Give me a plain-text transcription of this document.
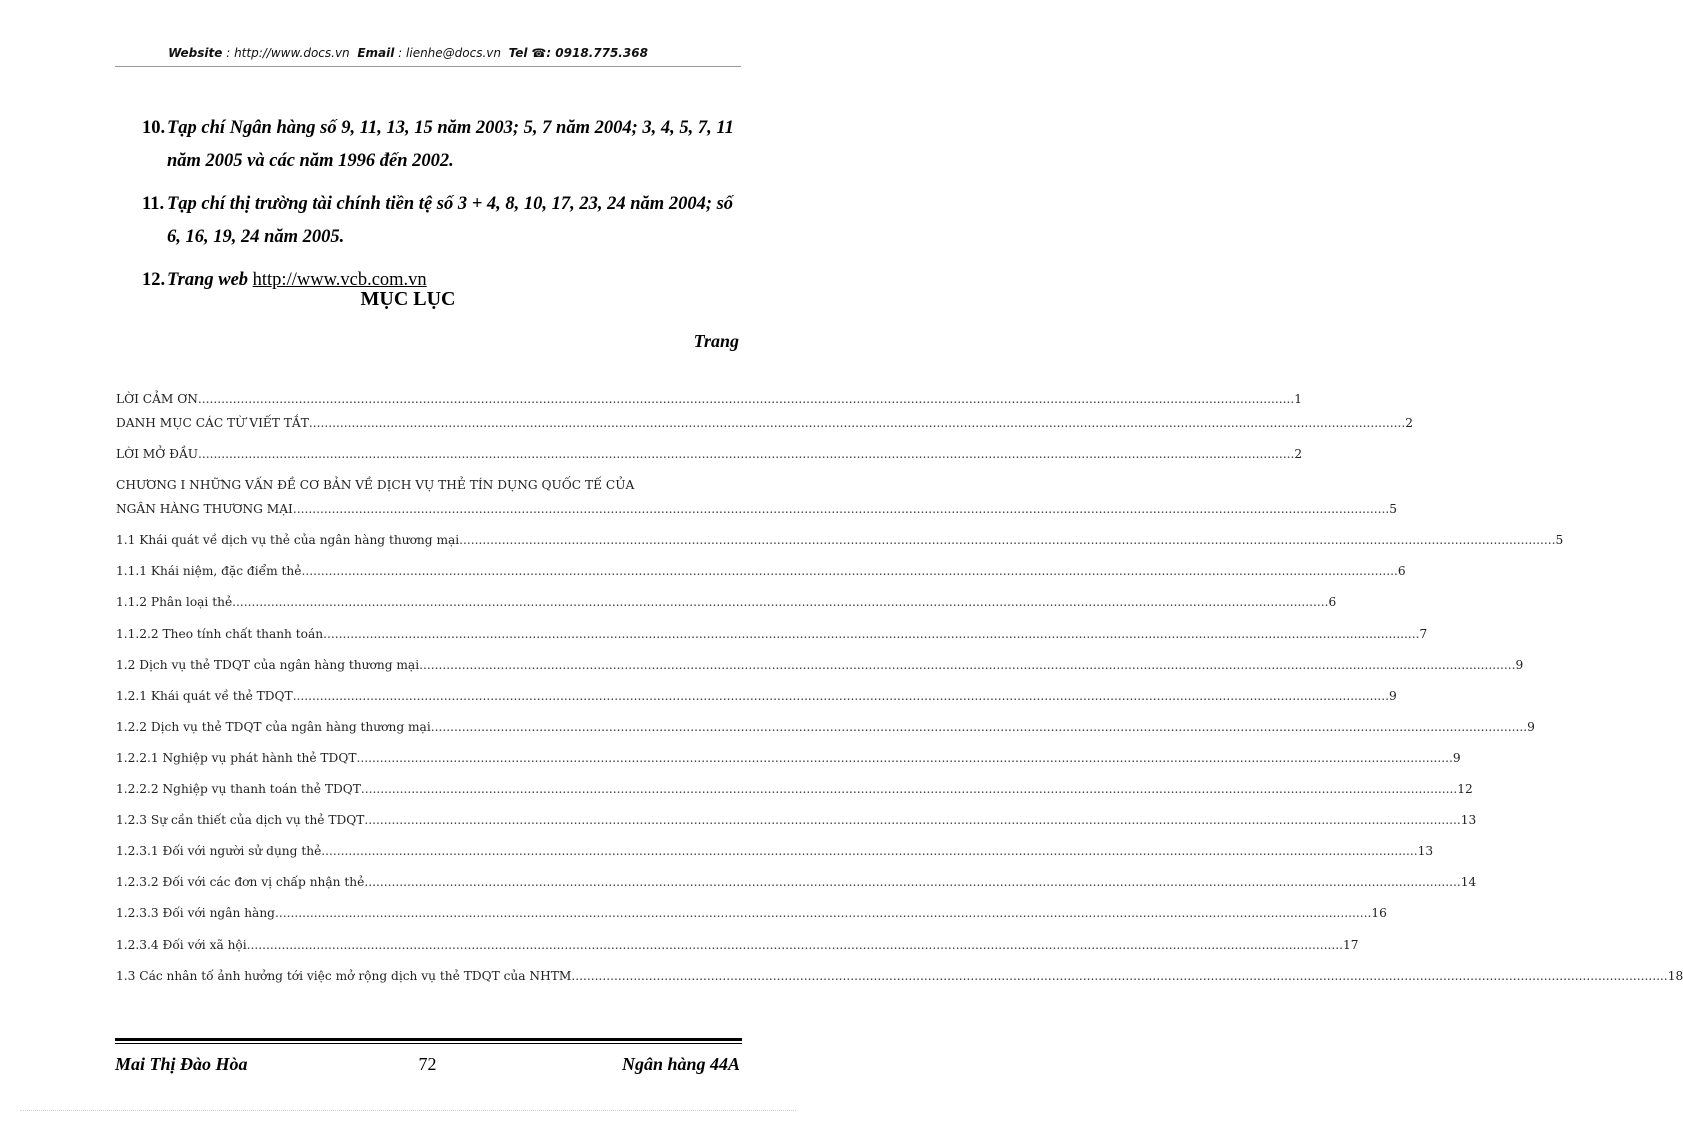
Website : http://www.docs.vn Email : lienhe@docs.vn Tel ☎: 0918.775.368
10. Tạp chí Ngân hàng số 9, 11, 13, 15 năm 2003; 5, 7 năm 2004; 3, 4, 5, 7, 11 năm 2005 và các năm 1996 đến 2002.
11. Tạp chí thị trường tài chính tiền tệ số 3 + 4, 8, 10, 17, 23, 24 năm 2004; số 6, 16, 19, 24 năm 2005.
12. Trang web http://www.vcb.com.vn
MỤC LỤC
Trang
LỜI CẢM ƠN .....	1
DANH MỤC CÁC TỪ VIẾT TẮT .....	2
LỜI MỞ ĐẦU .....	2
CHƯƠNG I NHỮNG VẤN ĐỀ CƠ BẢN VỀ DỊCH VỤ THẺ TÍN DỤNG QUỐC TẾ CỦA
NGÂN HÀNG THƯƠNG MẠI .....	5
1.1 Khái quát về dịch vụ thẻ của ngân hàng thương mại .....	5
1.1.1 Khái niệm, đặc điểm thẻ .....	6
1.1.2 Phân loại thẻ .....	6
1.1.2.2 Theo tính chất thanh toán .....	7
1.2 Dịch vụ thẻ TDQT của ngân hàng thương mại .....	9
1.2.1 Khái quát về thẻ TDQT .....	9
1.2.2 Dịch vụ thẻ TDQT của ngân hàng thương mại .....	9
1.2.2.1 Nghiệp vụ phát hành thẻ TDQT .....	9
1.2.2.2 Nghiệp vụ thanh toán thẻ TDQT .....	12
1.2.3 Sự cần thiết của dịch vụ thẻ TDQT .....	13
1.2.3.1 Đối với người sử dụng thẻ .....	13
1.2.3.2 Đối với các đơn vị chấp nhận thẻ .....	14
1.2.3.3 Đối với ngân hàng .....	16
1.2.3.4 Đối với xã hội .....	17
1.3 Các nhân tố ảnh hưởng tới việc mở rộng dịch vụ thẻ TDQT của NHTM .....	18
Mai Thị Đào Hòa	72	Ngân hàng 44A
